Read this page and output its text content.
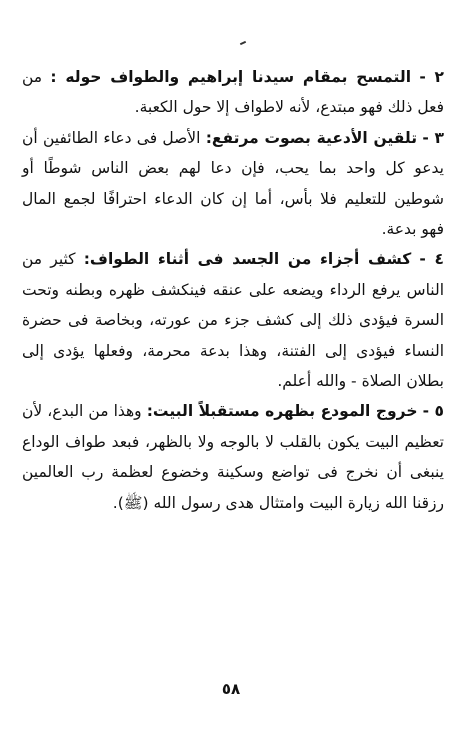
٢ - التمسح بمقام سيدنا إبراهيم والطواف حوله : من فعل ذلك فهو مبتدع، لأنه لاطواف إلا حول الكعبة.

٣ - تلقين الأدعية بصوت مرتفع: الأصل فى دعاء الطائفين أن يدعو كل واحد بما يحب، فإن دعا لهم بعض الناس شوطًا أو شوطين للتعليم فلا بأس، أما إن كان الدعاء احترافًا لجمع المال فهو بدعة.

٤ - كشف أجزاء من الجسد فى أثناء الطواف: كثير من الناس يرفع الرداء ويضعه على عنقه فينكشف ظهره وبطنه وتحت السرة فيؤدى ذلك إلى كشف جزء من عورته، وبخاصة فى حضرة النساء فيؤدى إلى الفتنة، وهذا بدعة محرمة، وفعلها يؤدى إلى بطلان الصلاة - والله أعلم.

٥ - خروج المودع بظهره مستقبلاً البيت: وهذا من البدع، لأن تعظيم البيت يكون بالقلب لا بالوجه ولا بالظهر، فبعد طواف الوداع ينبغى أن نخرج فى تواضع وسكينة وخضوع لعظمة رب العالمين رزقنا الله زيارة البيت وامتثال هدى رسول الله (ﷺ).

٥٨
